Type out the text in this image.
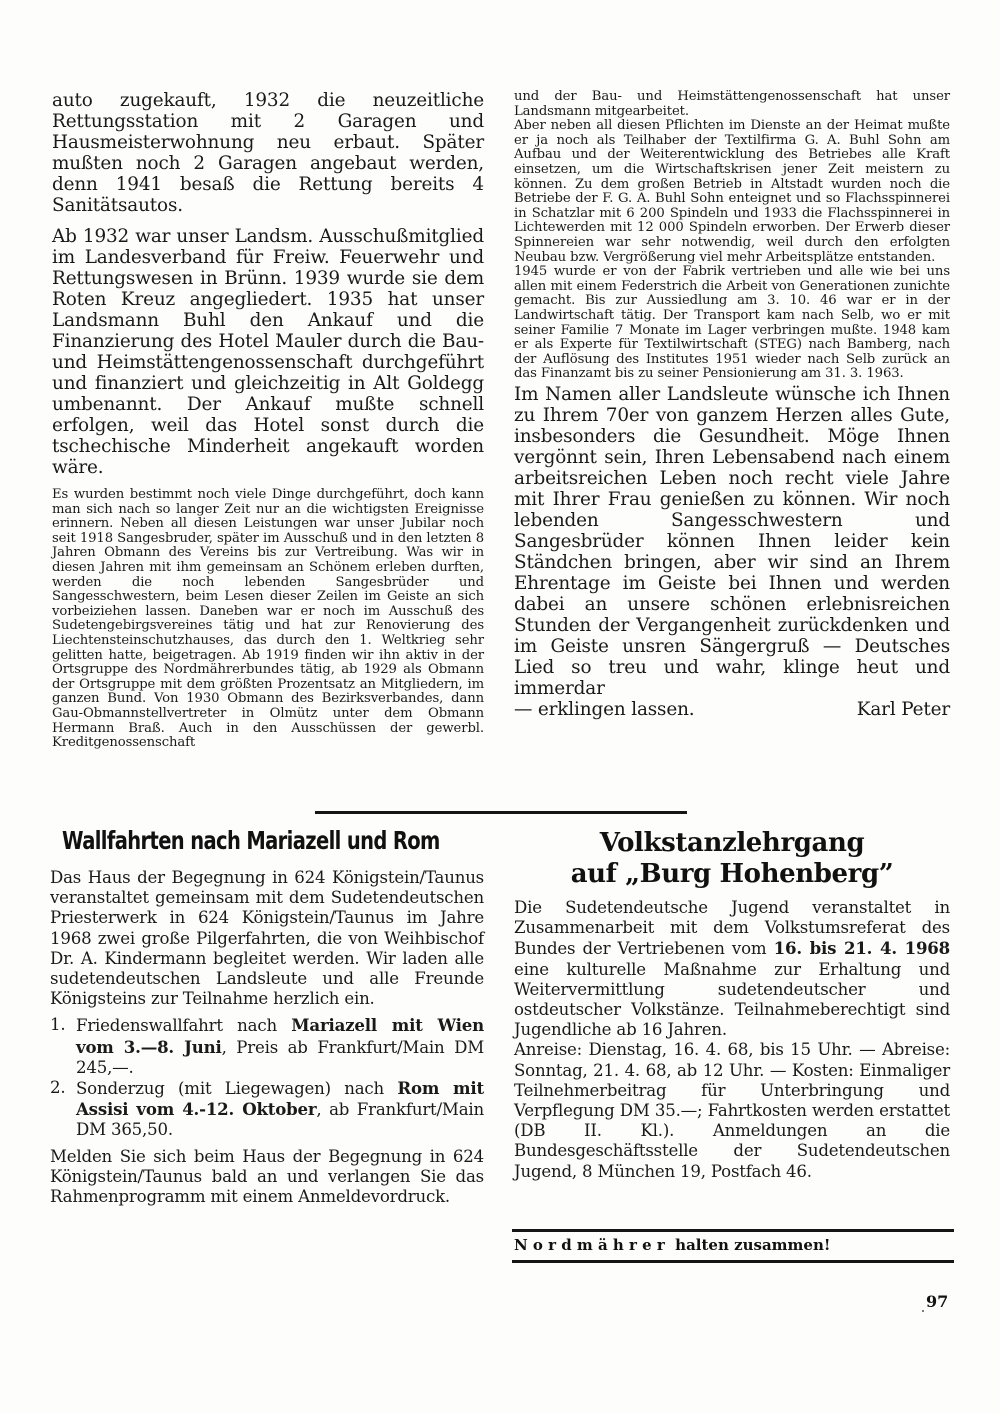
auto zugekauft, 1932 die neuzeitliche Rettungsstation mit 2 Garagen und Hausmeisterwohnung neu erbaut. Später mußten noch 2 Garagen angebaut werden, denn 1941 besaß die Rettung bereits 4 Sanitätsautos.

Ab 1932 war unser Landsm. Ausschußmitglied im Landesverband für Freiw. Feuerwehr und Rettungswesen in Brünn. 1939 wurde sie dem Roten Kreuz angegliedert. 1935 hat unser Landsmann Buhl den Ankauf und die Finanzierung des Hotel Mauler durch die Bau- und Heimstättengenossenschaft durchgeführt und finanziert und gleichzeitig in Alt Goldegg umbenannt. Der Ankauf mußte schnell erfolgen, weil das Hotel sonst durch die tschechische Minderheit angekauft worden wäre.

Es wurden bestimmt noch viele Dinge durchgeführt, doch kann man sich nach so langer Zeit nur an die wichtigsten Ereignisse erinnern. Neben all diesen Leistungen war unser Jubilar noch seit 1918 Sangesbruder, später im Ausschuß und in den letzten 8 Jahren Obmann des Vereins bis zur Vertreibung. Was wir in diesen Jahren mit ihm gemeinsam an Schönem erleben durften, werden die noch lebenden Sangesbrüder und Sangesschwestern, beim Lesen dieser Zeilen im Geiste an sich vorbeiziehen lassen. Daneben war er noch im Ausschuß des Sudetengebirgsvereines tätig und hat zur Renovierung des Liechtensteinschutzhauses, das durch den 1. Weltkrieg sehr gelitten hatte, beigetragen. Ab 1919 finden wir ihn aktiv in der Ortsgruppe des Nordmährerbundes tätig, ab 1929 als Obmann der Ortsgruppe mit dem größten Prozentsatz an Mitgliedern, im ganzen Bund. Von 1930 Obmann des Bezirksverbandes, dann Gau-Obmannstellvertreter in Olmütz unter dem Obmann Hermann Braß. Auch in den Ausschüssen der gewerbl. Kreditgenossenschaft

und der Bau- und Heimstättengenossenschaft hat unser Landsmann mitgearbeitet.

Aber neben all diesen Pflichten im Dienste an der Heimat mußte er ja noch als Teilhaber der Textilfirma G. A. Buhl Sohn am Aufbau und der Weiterentwicklung des Betriebes alle Kraft einsetzen, um die Wirtschaftskrisen jener Zeit meistern zu können. Zu dem großen Betrieb in Altstadt wurden noch die Betriebe der F. G. A. Buhl Sohn enteignet und so Flachsspinnerei in Schatzlar mit 6 200 Spindeln und 1933 die Flachsspinnerei in Lichtewerden mit 12 000 Spindeln erworben. Der Erwerb dieser Spinnereien war sehr notwendig, weil durch den erfolgten Neubau bzw. Vergrößerung viel mehr Arbeitsplätze entstanden.

1945 wurde er von der Fabrik vertrieben und alle wie bei uns allen mit einem Federstrich die Arbeit von Generationen zunichte gemacht. Bis zur Aussiedlung am 3. 10. 46 war er in der Landwirtschaft tätig. Der Transport kam nach Selb, wo er mit seiner Familie 7 Monate im Lager verbringen mußte. 1948 kam er als Experte für Textilwirtschaft (STEG) nach Bamberg, nach der Auflösung des Institutes 1951 wieder nach Selb zurück an das Finanzamt bis zu seiner Pensionierung am 31. 3. 1963.

Im Namen aller Landsleute wünsche ich Ihnen zu Ihrem 70er von ganzem Herzen alles Gute, insbesonders die Gesundheit. Möge Ihnen vergönnt sein, Ihren Lebensabend nach einem arbeitsreichen Leben noch recht viele Jahre mit Ihrer Frau genießen zu können. Wir noch lebenden Sangesschwestern und Sangesbrüder können Ihnen leider kein Ständchen bringen, aber wir sind an Ihrem Ehrentage im Geiste bei Ihnen und werden dabei an unsere schönen erlebnisreichen Stunden der Vergangenheit zurückdenken und im Geiste unsren Sängergruß — Deutsches Lied so treu und wahr, klinge heut und immerdar

— erklingen lassen.	Karl Peter
Wallfahrten nach Mariazell und Rom

Das Haus der Begegnung in 624 Königstein/Taunus veranstaltet gemeinsam mit dem Sudetendeutschen Priesterwerk in 624 Königstein/Taunus im Jahre 1968 zwei große Pilgerfahrten, die von Weihbischof Dr. A. Kindermann begleitet werden. Wir laden alle sudetendeutschen Landsleute und alle Freunde Königsteins zur Teilnahme herzlich ein.

1. Friedenswallfahrt nach Mariazell mit Wien vom 3.—8. Juni, Preis ab Frankfurt/Main DM 245,—.
2. Sonderzug (mit Liegewagen) nach Rom mit Assisi vom 4.-12. Oktober, ab Frankfurt/Main DM 365,50.

Melden Sie sich beim Haus der Begegnung in 624 Königstein/Taunus bald an und verlangen Sie das Rahmenprogramm mit einem Anmeldevordruck.

Volkstanzlehrgang
auf „Burg Hohenberg”

Die Sudetendeutsche Jugend veranstaltet in Zusammenarbeit mit dem Volkstumsreferat des Bundes der Vertriebenen vom 16. bis 21. 4. 1968 eine kulturelle Maßnahme zur Erhaltung und Weitervermittlung sudetendeutscher und ostdeutscher Volkstänze. Teilnahmeberechtigt sind Jugendliche ab 16 Jahren.

Anreise: Dienstag, 16. 4. 68, bis 15 Uhr. — Abreise: Sonntag, 21. 4. 68, ab 12 Uhr. — Kosten: Einmaliger Teilnehmerbeitrag für Unterbringung und Verpflegung DM 35.—; Fahrtkosten werden erstattet (DB II. Kl.). Anmeldungen an die Bundesgeschäftsstelle der Sudetendeutschen Jugend, 8 München 19, Postfach 46.

Nordmährer halten zusammen!
97
